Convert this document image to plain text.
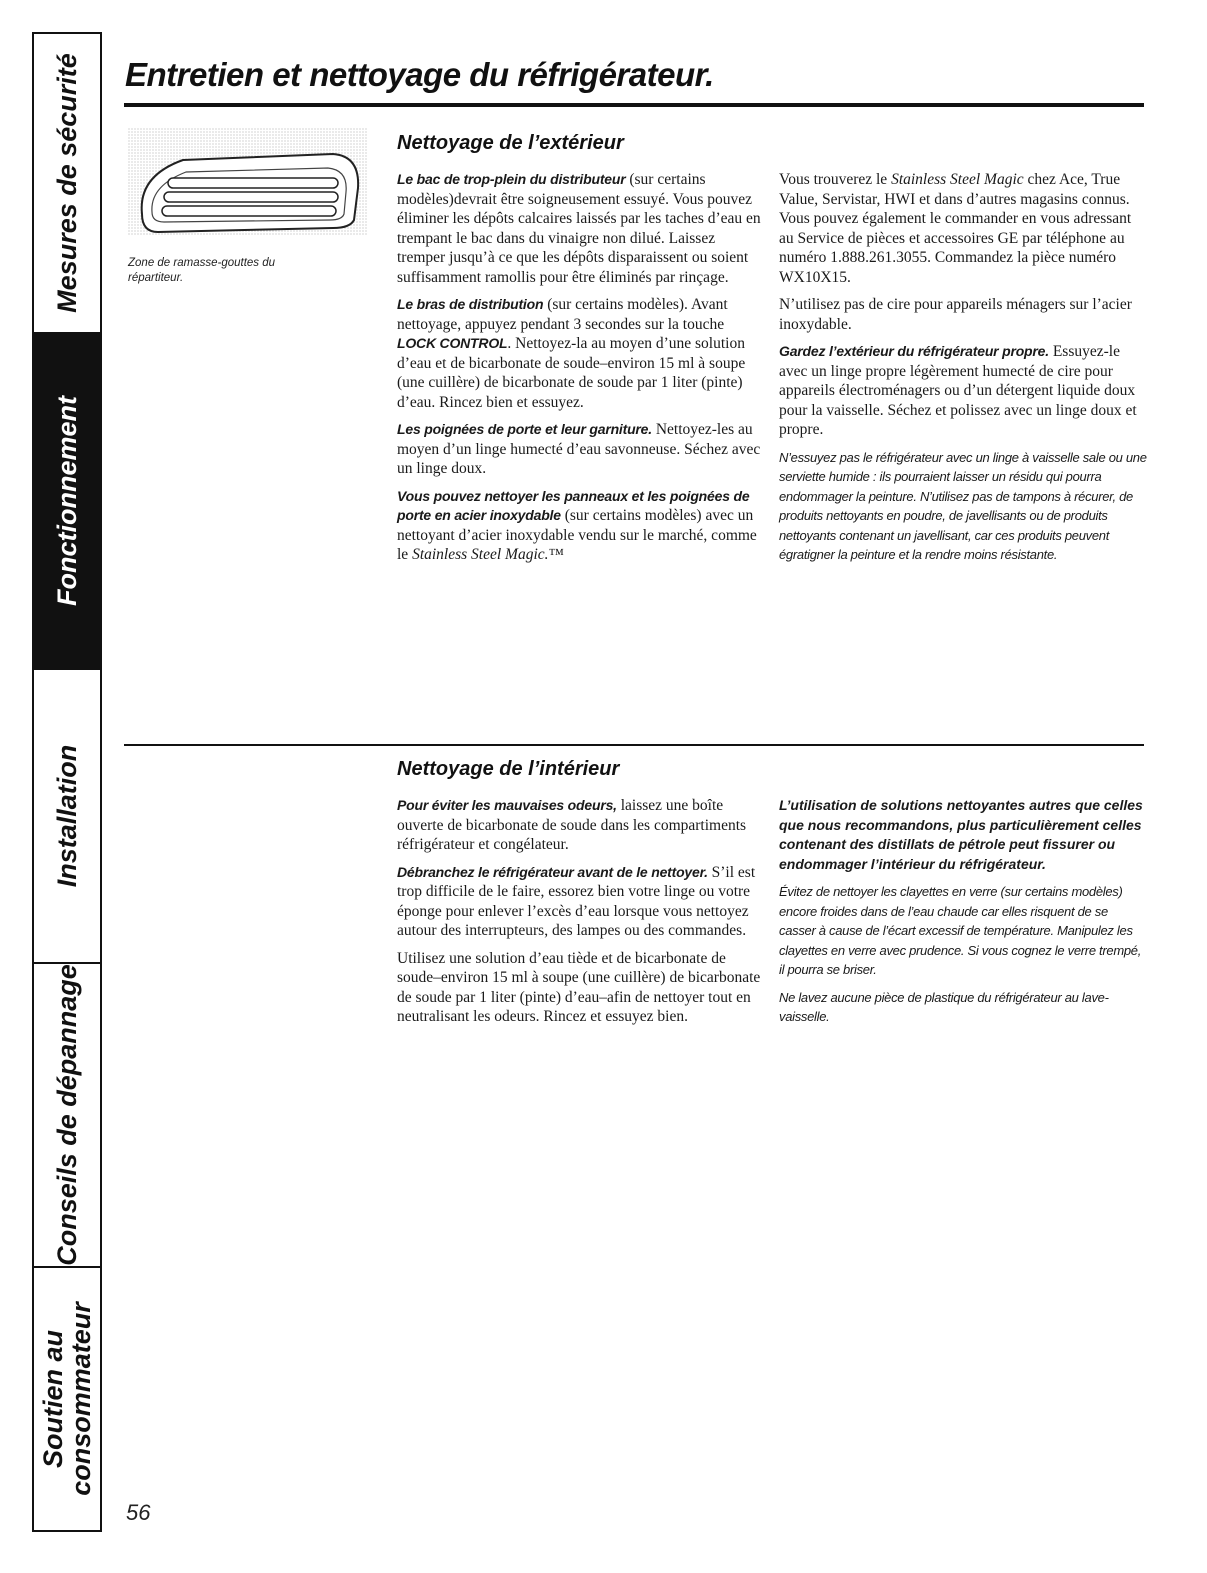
Mesures de sécurité
Fonctionnement
Installation
Conseils de dépannage
Soutien au
consommateur
Entretien et nettoyage du réfrigérateur.
Zone de ramasse-gouttes du répartiteur.
Nettoyage de l’extérieur

Le bac de trop-plein du distributeur (sur certains modèles)devrait être soigneusement essuyé. Vous pouvez éliminer les dépôts calcaires laissés par les taches d’eau en trempant le bac dans du vinaigre non dilué. Laissez tremper jusqu’à ce que les dépôts disparaissent ou soient suffisamment ramollis pour être éliminés par rinçage.

Le bras de distribution (sur certains modèles). Avant nettoyage, appuyez pendant 3 secondes sur la touche LOCK CONTROL. Nettoyez-la au moyen d’une solution d’eau et de bicarbonate de soude–environ 15 ml à soupe (une cuillère) de bicarbonate de soude par 1 liter (pinte) d’eau. Rincez bien et essuyez.

Les poignées de porte et leur garniture. Nettoyez-les au moyen d’un linge humecté d’eau savonneuse. Séchez avec un linge doux.

Vous pouvez nettoyer les panneaux et les poignées de porte en acier inoxydable (sur certains modèles) avec un nettoyant d’acier inoxydable vendu sur le marché, comme le Stainless Steel Magic.™

Vous trouverez le Stainless Steel Magic chez Ace, True Value, Servistar, HWI et dans d’autres magasins connus. Vous pouvez également le commander en vous adressant au Service de pièces et accessoires GE par téléphone au numéro 1.888.261.3055. Commandez la pièce numéro WX10X15.

N’utilisez pas de cire pour appareils ménagers sur l’acier inoxydable.

Gardez l’extérieur du réfrigérateur propre. Essuyez-le avec un linge propre légèrement humecté de cire pour appareils électroménagers ou d’un détergent liquide doux pour la vaisselle. Séchez et polissez avec un linge doux et propre.

N’essuyez pas le réfrigérateur avec un linge à vaisselle sale ou une serviette humide : ils pourraient laisser un résidu qui pourra endommager la peinture. N’utilisez pas de tampons à récurer, de produits nettoyants en poudre, de javellisants ou de produits nettoyants contenant un javellisant, car ces produits peuvent égratigner la peinture et la rendre moins résistante.

Nettoyage de l’intérieur

Pour éviter les mauvaises odeurs, laissez une boîte ouverte de bicarbonate de soude dans les compartiments réfrigérateur et congélateur.

Débranchez le réfrigérateur avant de le nettoyer. S’il est trop difficile de le faire, essorez bien votre linge ou votre éponge pour enlever l’excès d’eau lorsque vous nettoyez autour des interrupteurs, des lampes ou des commandes.

Utilisez une solution d’eau tiède et de bicarbonate de soude–environ 15 ml à soupe (une cuillère) de bicarbonate de soude par 1 liter (pinte) d’eau–afin de nettoyer tout en neutralisant les odeurs. Rincez et essuyez bien.

L’utilisation de solutions nettoyantes autres que celles que nous recommandons, plus particulièrement celles contenant des distillats de pétrole peut fissurer ou endommager l’intérieur du réfrigérateur.

Évitez de nettoyer les clayettes en verre (sur certains modèles) encore froides dans de l’eau chaude car elles risquent de se casser à cause de l’écart excessif de température. Manipulez les clayettes en verre avec prudence. Si vous cognez le verre trempé, il pourra se briser.

Ne lavez aucune pièce de plastique du réfrigérateur au lave-vaisselle.

56
